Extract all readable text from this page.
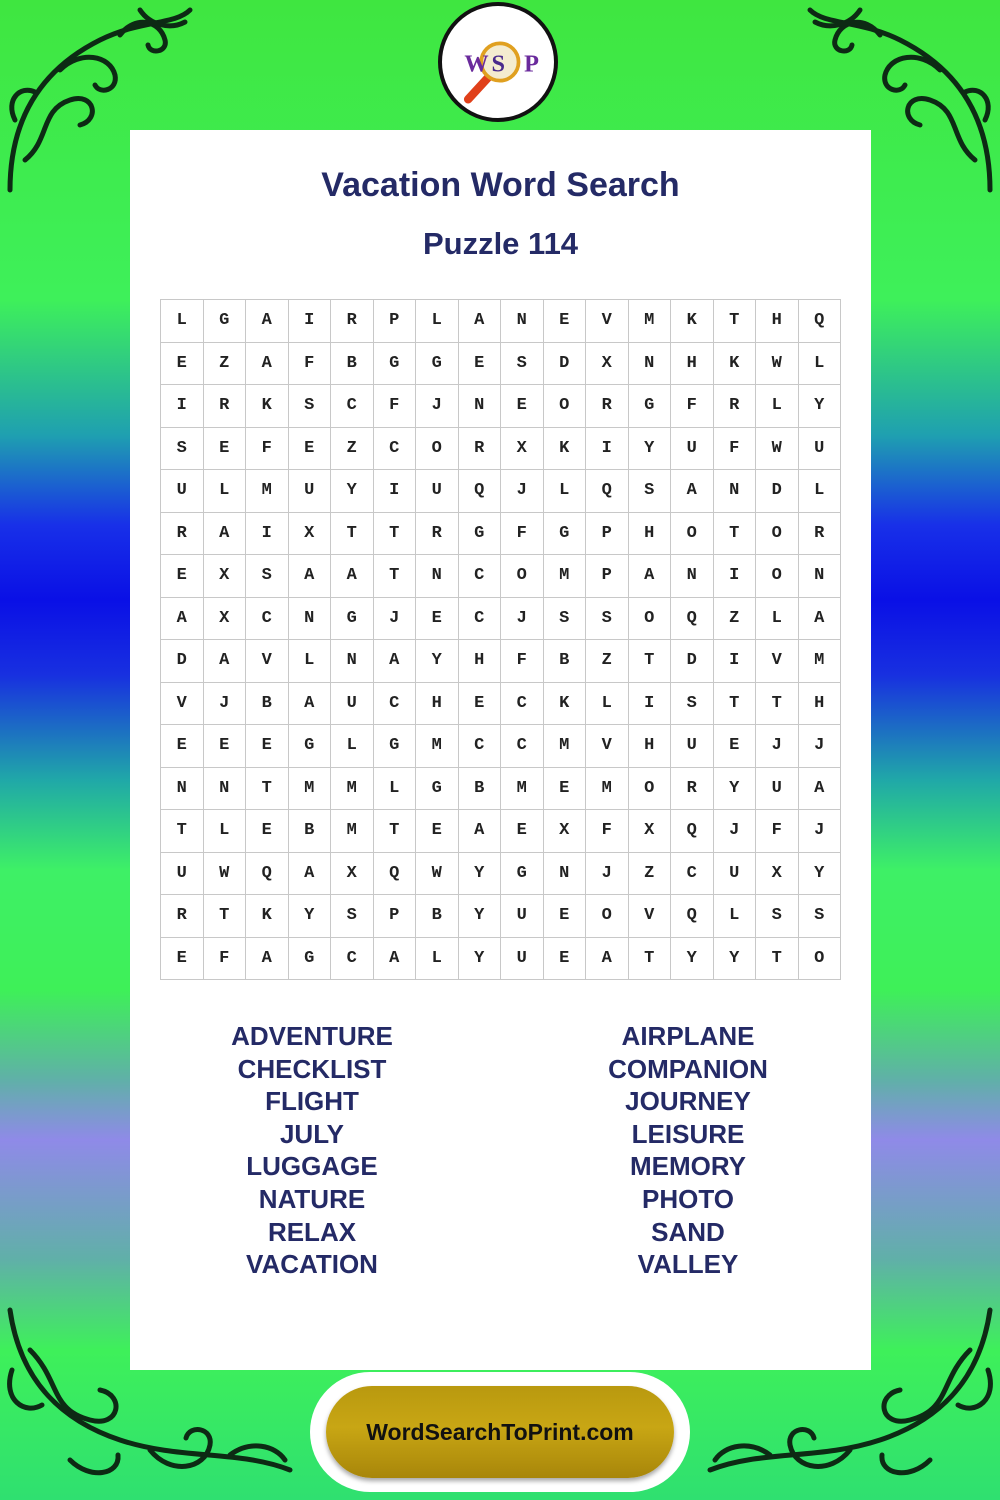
W S P
Vacation Word Search
Puzzle 114
L	G	A	I	R	P	L	A	N	E	V	M	K	T	H	Q
E	Z	A	F	B	G	G	E	S	D	X	N	H	K	W	L
I	R	K	S	C	F	J	N	E	O	R	G	F	R	L	Y
S	E	F	E	Z	C	O	R	X	K	I	Y	U	F	W	U
U	L	M	U	Y	I	U	Q	J	L	Q	S	A	N	D	L
R	A	I	X	T	T	R	G	F	G	P	H	O	T	O	R
E	X	S	A	A	T	N	C	O	M	P	A	N	I	O	N
A	X	C	N	G	J	E	C	J	S	S	O	Q	Z	L	A
D	A	V	L	N	A	Y	H	F	B	Z	T	D	I	V	M
V	J	B	A	U	C	H	E	C	K	L	I	S	T	T	H
E	E	E	G	L	G	M	C	C	M	V	H	U	E	J	J
N	N	T	M	M	L	G	B	M	E	M	O	R	Y	U	A
T	L	E	B	M	T	E	A	E	X	F	X	Q	J	F	J
U	W	Q	A	X	Q	W	Y	G	N	J	Z	C	U	X	Y
R	T	K	Y	S	P	B	Y	U	E	O	V	Q	L	S	S
E	F	A	G	C	A	L	Y	U	E	A	T	Y	Y	T	O
ADVENTURE
CHECKLIST
FLIGHT
JULY
LUGGAGE
NATURE
RELAX
VACATION
AIRPLANE
COMPANION
JOURNEY
LEISURE
MEMORY
PHOTO
SAND
VALLEY
WordSearchToPrint.com
